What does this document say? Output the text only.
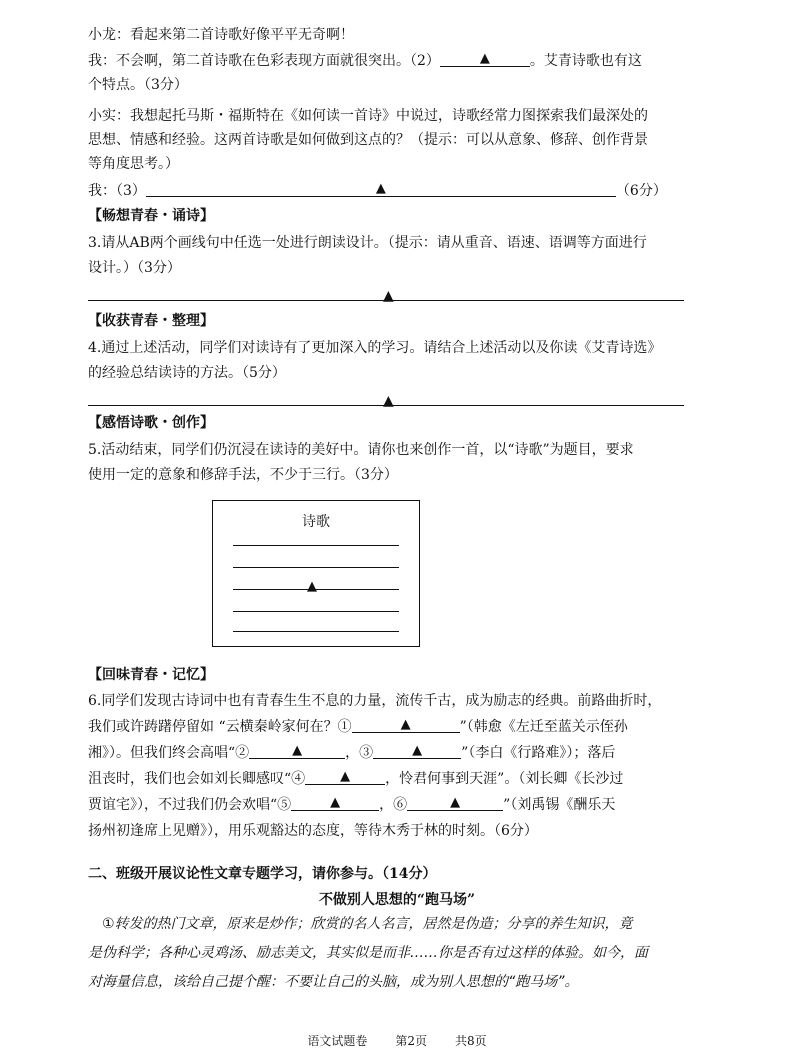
小龙：看起来第二首诗歌好像平平无奇啊！
我：不会啊，第二首诗歌在色彩表现方面就很突出。（2）	▲	。艾青诗歌也有这
个特点。（3分）
小实：我想起托马斯・福斯特在《如何读一首诗》中说过，诗歌经常力图探索我们最深处的
思想、情感和经验。这两首诗歌是如何做到这点的？（提示：可以从意象、修辞、创作背景
等角度思考。）
我：（3）	▲	（6分）
【畅想青春・诵诗】
3.请从AB两个画线句中任选一处进行朗读设计。（提示：请从重音、语速、语调等方面进行
设计。）（3分）
▲
【收获青春・整理】
4.通过上述活动，同学们对读诗有了更加深入的学习。请结合上述活动以及你读《艾青诗选》
的经验总结读诗的方法。（5分）
▲
【感悟诗歌・创作】
5.活动结束，同学们仍沉浸在读诗的美好中。请你也来创作一首，以“诗歌”为题目，要求
使用一定的意象和修辞手法，不少于三行。（3分）
诗歌
▲
【回味青春・记忆】
6.同学们发现古诗词中也有青春生生不息的力量，流传千古，成为励志的经典。前路曲折时，
我们或许踌躇停留如 “云横秦岭家何在？①	▲	”（韩愈《左迁至蓝关示侄孙
湘》）。但我们终会高唱“②	▲	，③	▲	”（李白《行路难》）；落后
沮丧时，我们也会如刘长卿感叹“④	▲	，怜君何事到天涯”。（刘长卿《长沙过
贾谊宅》），不过我们仍会欢唱“⑤	▲	，⑥	▲	”（刘禹锡《酬乐天
扬州初逢席上见赠》），用乐观豁达的态度，等待木秀于林的时刻。（6分）
二、班级开展议论性文章专题学习，请你参与。（14分）
不做别人思想的“跑马场”
①转发的热门文章，原来是炒作；欣赏的名人名言，居然是伪造；分享的养生知识，竟
是伪科学；各种心灵鸡汤、励志美文，其实似是而非……你是否有过这样的体验。如今，面
对海量信息，该给自己提个醒：不要让自己的头脑，成为别人思想的“跑马场”。
语文试题卷 第2页 共8页
